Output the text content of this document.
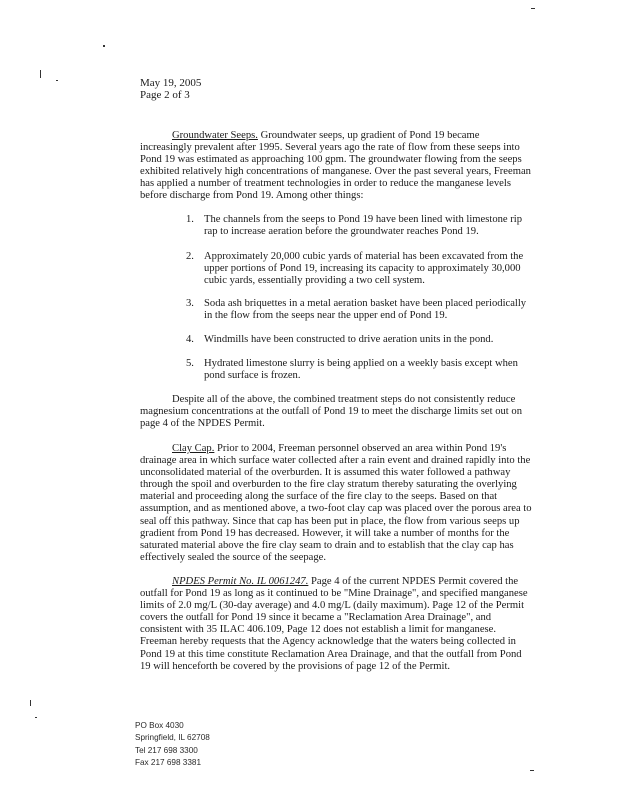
May 19, 2005
Page 2 of 3
Groundwater Seeps. Groundwater seeps, up gradient of Pond 19 became
increasingly prevalent after 1995. Several years ago the rate of flow from these seeps into
Pond 19 was estimated as approaching 100 gpm. The groundwater flowing from the seeps
exhibited relatively high concentrations of manganese. Over the past several years, Freeman
has applied a number of treatment technologies in order to reduce the manganese levels
before discharge from Pond 19. Among other things:
1. The channels from the seeps to Pond 19 have been lined with limestone rip
rap to increase aeration before the groundwater reaches Pond 19.
2. Approximately 20,000 cubic yards of material has been excavated from the
upper portions of Pond 19, increasing its capacity to approximately 30,000
cubic yards, essentially providing a two cell system.
3. Soda ash briquettes in a metal aeration basket have been placed periodically
in the flow from the seeps near the upper end of Pond 19.
4. Windmills have been constructed to drive aeration units in the pond.
5. Hydrated limestone slurry is being applied on a weekly basis except when
pond surface is frozen.
Despite all of the above, the combined treatment steps do not consistently reduce
magnesium concentrations at the outfall of Pond 19 to meet the discharge limits set out on
page 4 of the NPDES Permit.
Clay Cap. Prior to 2004, Freeman personnel observed an area within Pond 19's
drainage area in which surface water collected after a rain event and drained rapidly into the
unconsolidated material of the overburden. It is assumed this water followed a pathway
through the spoil and overburden to the fire clay stratum thereby saturating the overlying
material and proceeding along the surface of the fire clay to the seeps. Based on that
assumption, and as mentioned above, a two-foot clay cap was placed over the porous area to
seal off this pathway. Since that cap has been put in place, the flow from various seeps up
gradient from Pond 19 has decreased. However, it will take a number of months for the
saturated material above the fire clay seam to drain and to establish that the clay cap has
effectively sealed the source of the seepage.
NPDES Permit No. IL 0061247. Page 4 of the current NPDES Permit covered the
outfall for Pond 19 as long as it continued to be "Mine Drainage", and specified manganese
limits of 2.0 mg/L (30-day average) and 4.0 mg/L (daily maximum). Page 12 of the Permit
covers the outfall for Pond 19 since it became a "Reclamation Area Drainage", and
consistent with 35 ILAC 406.109, Page 12 does not establish a limit for manganese.
Freeman hereby requests that the Agency acknowledge that the waters being collected in
Pond 19 at this time constitute Reclamation Area Drainage, and that the outfall from Pond
19 will henceforth be covered by the provisions of page 12 of the Permit.
PO Box 4030
Springfield, IL 62708
Tel 217 698 3300
Fax 217 698 3381
